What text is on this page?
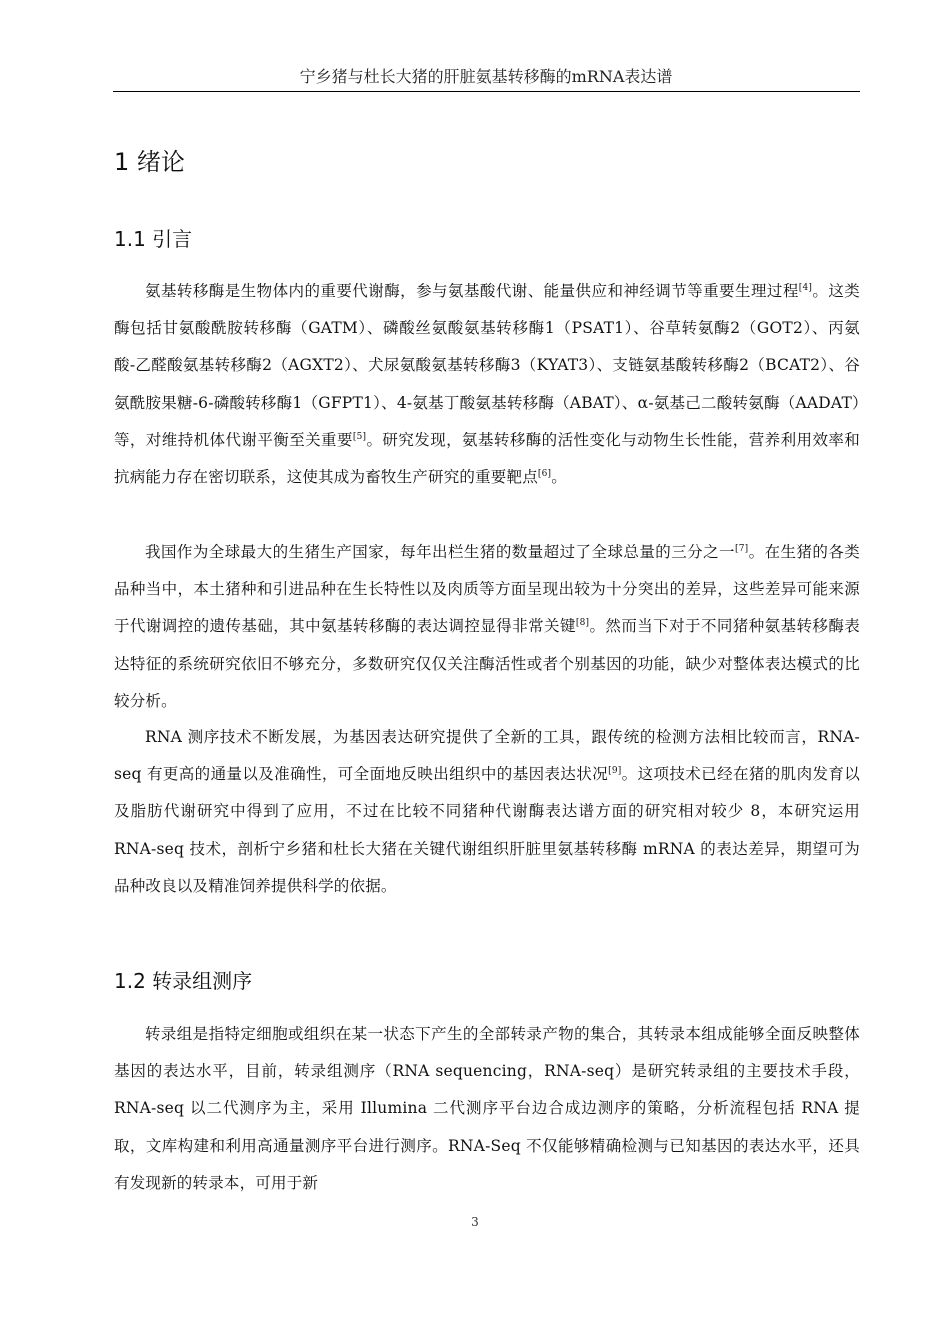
宁乡猪与杜长大猪的肝脏氨基转移酶的mRNA表达谱
1 绪论
1.1 引言

氨基转移酶是生物体内的重要代谢酶，参与氨基酸代谢、能量供应和神经调节等重要生理过程[4]。这类酶包括甘氨酸酰胺转移酶（GATM）、磷酸丝氨酸氨基转移酶1（PSAT1）、谷草转氨酶2（GOT2）、丙氨酸-乙醛酸氨基转移酶2（AGXT2）、犬尿氨酸氨基转移酶3（KYAT3）、支链氨基酸转移酶2（BCAT2）、谷氨酰胺果糖-6-磷酸转移酶1（GFPT1）、4-氨基丁酸氨基转移酶（ABAT）、α-氨基己二酸转氨酶（AADAT）等，对维持机体代谢平衡至关重要[5]。研究发现，氨基转移酶的活性变化与动物生长性能，营养利用效率和抗病能力存在密切联系，这使其成为畜牧生产研究的重要靶点[6]。

我国作为全球最大的生猪生产国家，每年出栏生猪的数量超过了全球总量的三分之一[7]。在生猪的各类品种当中，本土猪种和引进品种在生长特性以及肉质等方面呈现出较为十分突出的差异，这些差异可能来源于代谢调控的遗传基础，其中氨基转移酶的表达调控显得非常关键[8]。然而当下对于不同猪种氨基转移酶表达特征的系统研究依旧不够充分，多数研究仅仅关注酶活性或者个别基因的功能，缺少对整体表达模式的比较分析。

RNA 测序技术不断发展，为基因表达研究提供了全新的工具，跟传统的检测方法相比较而言，RNA-seq 有更高的通量以及准确性，可全面地反映出组织中的基因表达状况[9]。这项技术已经在猪的肌肉发育以及脂肪代谢研究中得到了应用，不过在比较不同猪种代谢酶表达谱方面的研究相对较少 8，本研究运用 RNA-seq 技术，剖析宁乡猪和杜长大猪在关键代谢组织肝脏里氨基转移酶 mRNA 的表达差异，期望可为品种改良以及精准饲养提供科学的依据。

1.2 转录组测序

转录组是指特定细胞或组织在某一状态下产生的全部转录产物的集合，其转录本组成能够全面反映整体基因的表达水平，目前，转录组测序（RNA sequencing，RNA-seq）是研究转录组的主要技术手段，RNA-seq 以二代测序为主，采用 Illumina 二代测序平台边合成边测序的策略，分析流程包括 RNA 提取，文库构建和利用高通量测序平台进行测序。RNA-Seq 不仅能够精确检测与已知基因的表达水平，还具有发现新的转录本，可用于新

3
